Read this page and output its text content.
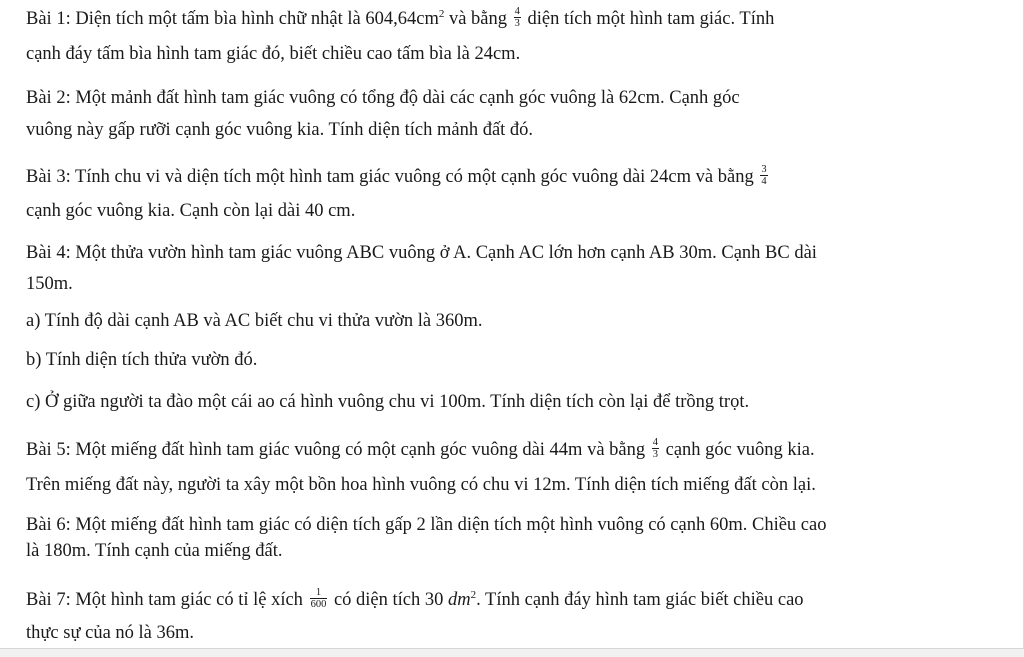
Bài 1: Diện tích một tấm bìa hình chữ nhật là $604,64cm^2$ và bằng $\frac{4}{3}$ diện tích một hình tam giác. Tính
cạnh đáy tấm bìa hình tam giác đó, biết chiều cao tấm bìa là 24cm.
Bài 2: Một mảnh đất hình tam giác vuông có tổng độ dài các cạnh góc vuông là 62cm. Cạnh góc
vuông này gấp rưỡi cạnh góc vuông kia. Tính diện tích mảnh đất đó.
Bài 3: Tính chu vi và diện tích một hình tam giác vuông có một cạnh góc vuông dài 24cm và bằng $\frac{3}{4}$
cạnh góc vuông kia. Cạnh còn lại dài 40 cm.
Bài 4: Một thửa vườn hình tam giác vuông ABC vuông ở A. Cạnh AC lớn hơn cạnh AB 30m. Cạnh BC dài
150m.
a) Tính độ dài cạnh AB và AC biết chu vi thửa vườn là 360m.
b) Tính diện tích thửa vườn đó.
c) Ở giữa người ta đào một cái ao cá hình vuông chu vi 100m. Tính diện tích còn lại để trồng trọt.
Bài 5: Một miếng đất hình tam giác vuông có một cạnh góc vuông dài 44m và bằng $\frac{4}{3}$ cạnh góc vuông kia.
Trên miếng đất này, người ta xây một bồn hoa hình vuông có chu vi 12m. Tính diện tích miếng đất còn lại.
Bài 6: Một miếng đất hình tam giác có diện tích gấp 2 lần diện tích một hình vuông có cạnh 60m. Chiều cao
là 180m. Tính cạnh của miếng đất.
Bài 7: Một hình tam giác có tỉ lệ xích $\frac{1}{600}$ có diện tích 30 $dm^2$. Tính cạnh đáy hình tam giác biết chiều cao
thực sự của nó là 36m.
